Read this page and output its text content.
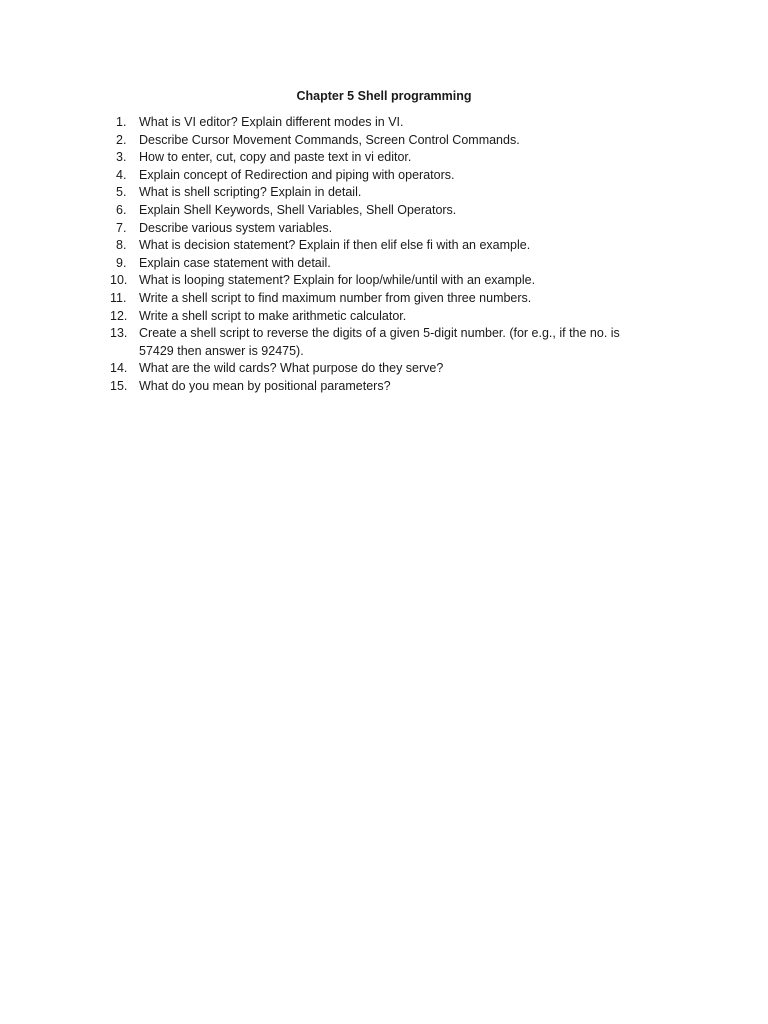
Chapter 5 Shell programming
1.	What is VI editor? Explain different modes in VI.
2.	Describe Cursor Movement Commands, Screen Control Commands.
3.	How to enter, cut, copy and paste text in vi editor.
4.	Explain concept of Redirection and piping with operators.
5.	What is shell scripting? Explain in detail.
6.	Explain Shell Keywords, Shell Variables, Shell Operators.
7.	Describe various system variables.
8.	What is decision statement? Explain if then elif else fi with an example.
9.	Explain case statement with detail.
10. What is looping statement? Explain for loop/while/until with an example.
11.	Write a shell script to find maximum number from given three numbers.
12. Write a shell script to make arithmetic calculator.
13. Create a shell script to reverse the digits of a given 5-digit number. (for e.g., if the no. is 57429 then answer is 92475).
14. What are the wild cards? What purpose do they serve?
15. What do you mean by positional parameters?
